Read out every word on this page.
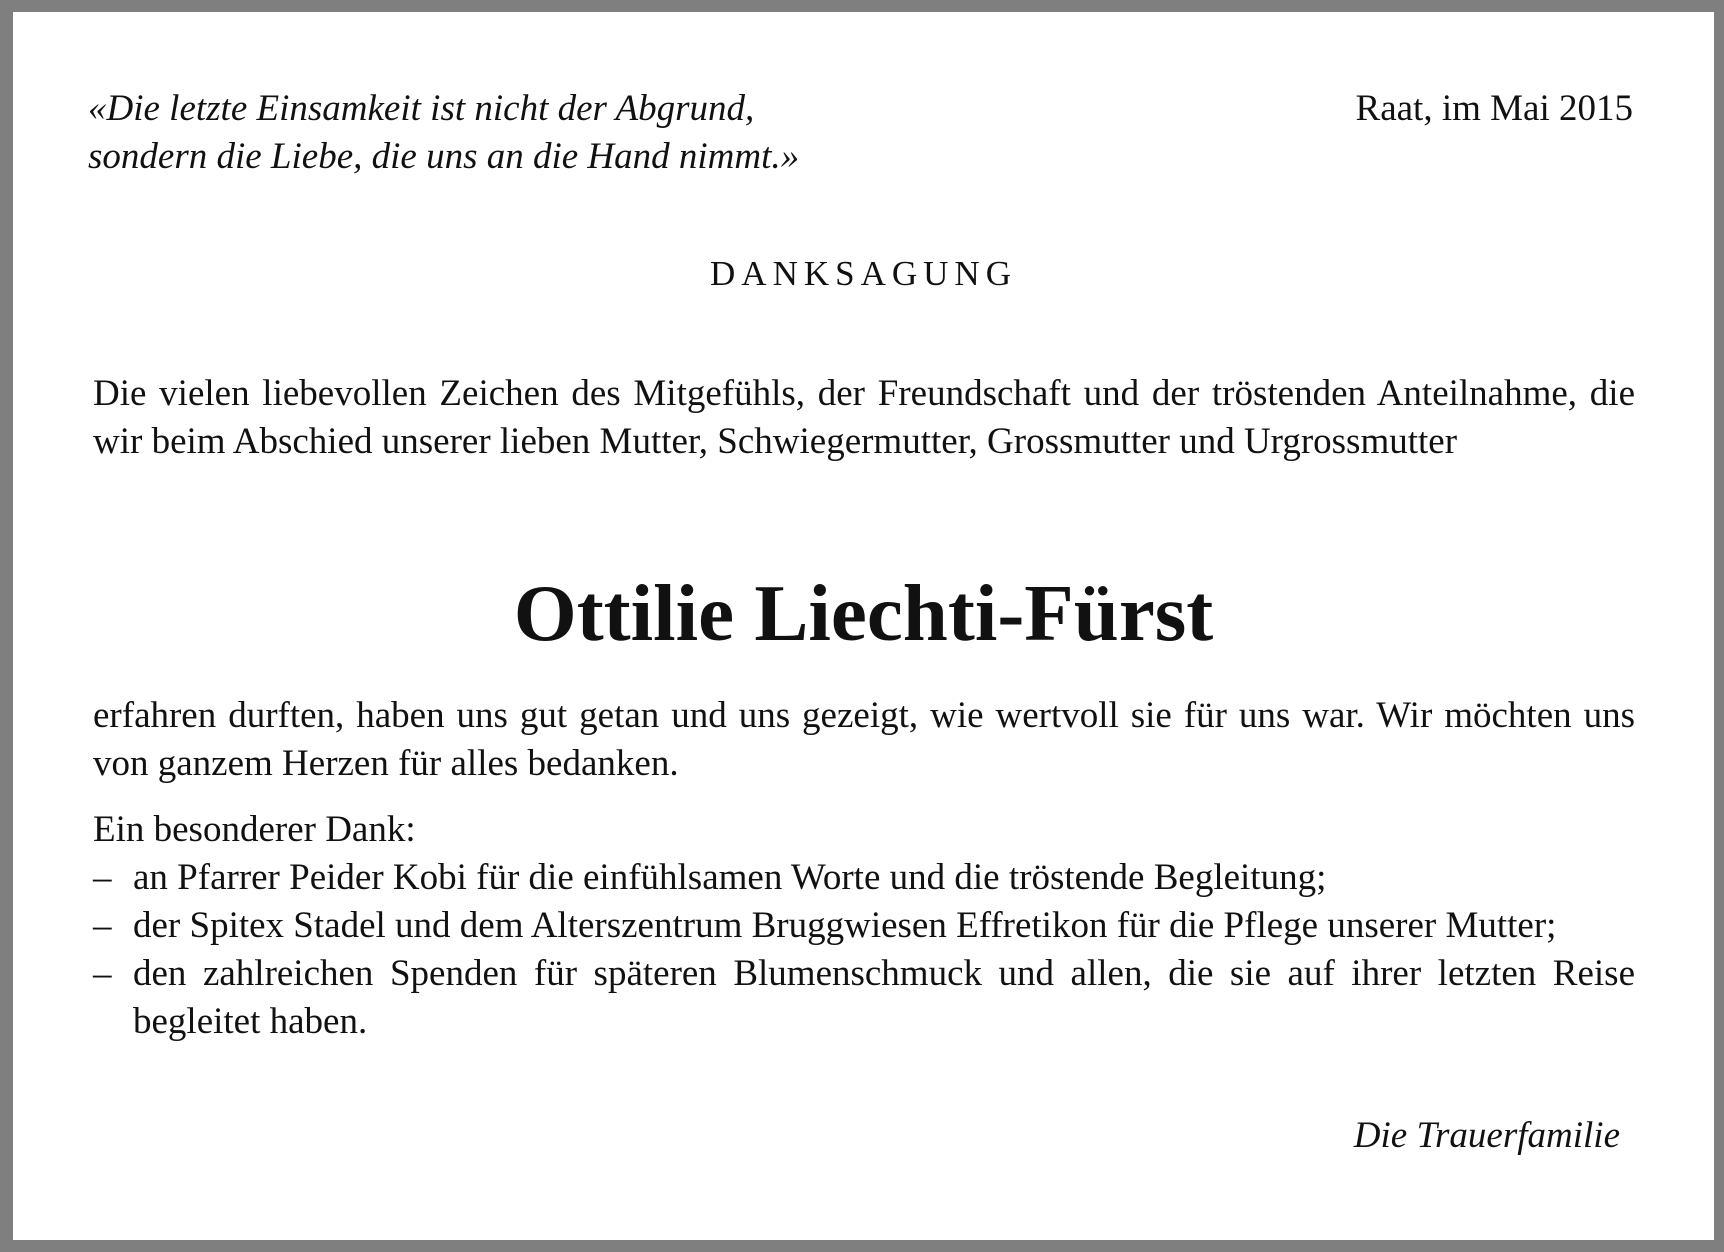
«Die letzte Einsamkeit ist nicht der Abgrund,
sondern die Liebe, die uns an die Hand nimmt.»
Raat, im Mai 2015
DANKSAGUNG

Die vielen liebevollen Zeichen des Mitgefühls, der Freundschaft und der tröstenden Anteilnahme, die wir beim Abschied unserer lieben Mutter, Schwiegermutter, Grossmutter und Urgrossmutter

Ottilie Liechti-Fürst

erfahren durften, haben uns gut getan und uns gezeigt, wie wertvoll sie für uns war. Wir möchten uns von ganzem Herzen für alles bedanken.

Ein besonderer Dank:
– an Pfarrer Peider Kobi für die einfühlsamen Worte und die tröstende Begleitung;
– der Spitex Stadel und dem Alterszentrum Bruggwiesen Effretikon für die Pflege unserer Mutter;
– den zahlreichen Spenden für späteren Blumenschmuck und allen, die sie auf ihrer letzten Reise begleitet haben.
Die Trauerfamilie
